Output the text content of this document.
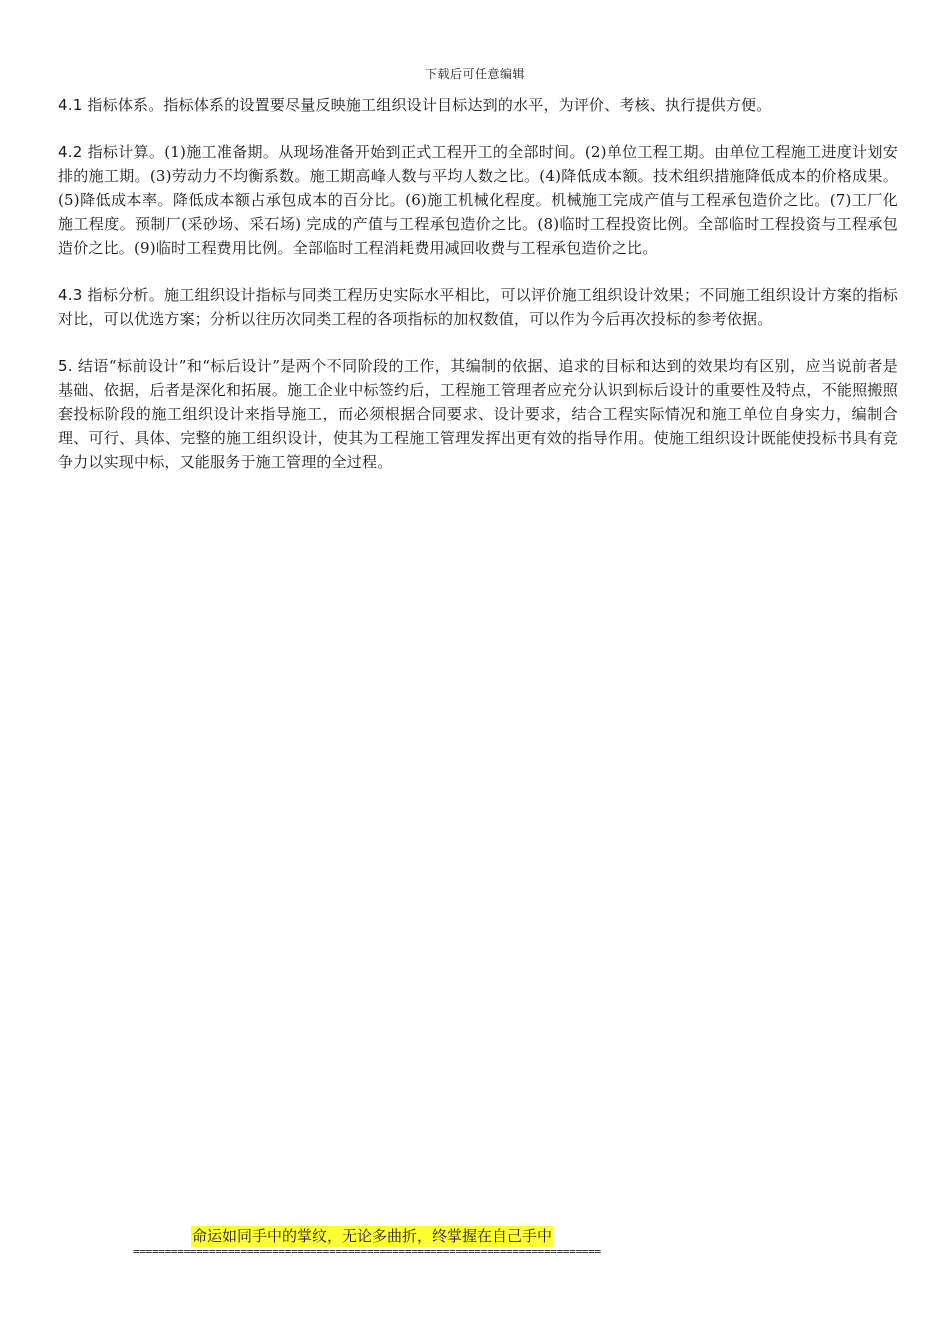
下载后可任意编辑

4.1 指标体系。指标体系的设置要尽量反映施工组织设计目标达到的水平，为评价、考核、执行提供方便。

4.2 指标计算。(1)施工准备期。从现场准备开始到正式工程开工的全部时间。(2)单位工程工期。由单位工程施工进度计划安排的施工期。(3)劳动力不均衡系数。施工期高峰人数与平均人数之比。(4)降低成本额。技术组织措施降低成本的价格成果。(5)降低成本率。降低成本额占承包成本的百分比。(6)施工机械化程度。机械施工完成产值与工程承包造价之比。(7)工厂化施工程度。预制厂(采砂场、采石场) 完成的产值与工程承包造价之比。(8)临时工程投资比例。全部临时工程投资与工程承包造价之比。(9)临时工程费用比例。全部临时工程消耗费用减回收费与工程承包造价之比。

4.3 指标分析。施工组织设计指标与同类工程历史实际水平相比，可以评价施工组织设计效果；不同施工组织设计方案的指标对比，可以优选方案；分析以往历次同类工程的各项指标的加权数值，可以作为今后再次投标的参考依据。

5. 结语“标前设计”和“标后设计”是两个不同阶段的工作，其编制的依据、追求的目标和达到的效果均有区别，应当说前者是基础、依据，后者是深化和拓展。施工企业中标签约后，工程施工管理者应充分认识到标后设计的重要性及特点，不能照搬照套投标阶段的施工组织设计来指导施工，而必须根据合同要求、设计要求，结合工程实际情况和施工单位自身实力，编制合理、可行、具体、完整的施工组织设计，使其为工程施工管理发挥出更有效的指导作用。使施工组织设计既能使投标书具有竞争力以实现中标，又能服务于施工管理的全过程。

命运如同手中的掌纹，无论多曲折，终掌握在自己手中
==========================================================================
